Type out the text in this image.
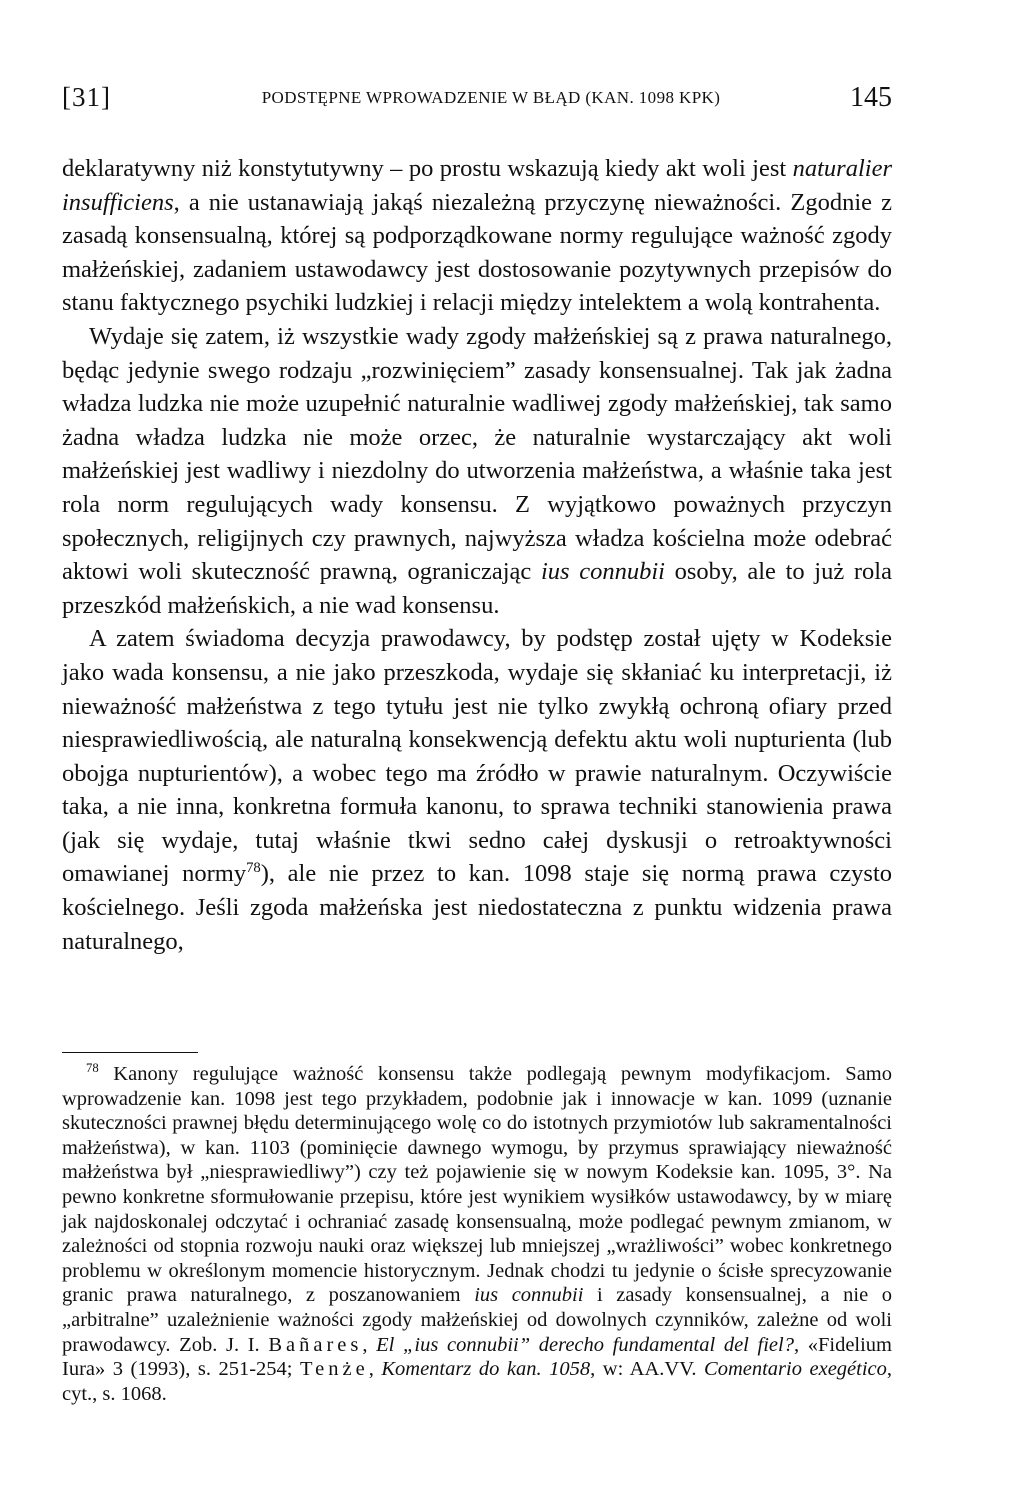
[31]	PODSTĘPNE WPROWADZENIE W BŁĄD (KAN. 1098 KPK)	145

deklaratywny niż konstytutywny – po prostu wskazują kiedy akt woli jest naturalier insufficiens, a nie ustanawiają jakąś niezależną przyczynę nieważności. Zgodnie z zasadą konsensualną, której są podporządkowane normy regulujące ważność zgody małżeńskiej, zadaniem ustawodawcy jest dostosowanie pozytywnych przepisów do stanu faktycznego psychiki ludzkiej i relacji między intelektem a wolą kontrahenta.

Wydaje się zatem, iż wszystkie wady zgody małżeńskiej są z prawa naturalnego, będąc jedynie swego rodzaju „rozwinięciem” zasady konsensualnej. Tak jak żadna władza ludzka nie może uzupełnić naturalnie wadliwej zgody małżeńskiej, tak samo żadna władza ludzka nie może orzec, że naturalnie wystarczający akt woli małżeńskiej jest wadliwy i niezdolny do utworzenia małżeństwa, a właśnie taka jest rola norm regulujących wady konsensu. Z wyjątkowo poważnych przyczyn społecznych, religijnych czy prawnych, najwyższa władza kościelna może odebrać aktowi woli skuteczność prawną, ograniczając ius connubii osoby, ale to już rola przeszkód małżeńskich, a nie wad konsensu.

A zatem świadoma decyzja prawodawcy, by podstęp został ujęty w Kodeksie jako wada konsensu, a nie jako przeszkoda, wydaje się skłaniać ku interpretacji, iż nieważność małżeństwa z tego tytułu jest nie tylko zwykłą ochroną ofiary przed niesprawiedliwością, ale naturalną konsekwencją defektu aktu woli nupturienta (lub obojga nupturientów), a wobec tego ma źródło w prawie naturalnym. Oczywiście taka, a nie inna, konkretna formuła kanonu, to sprawa techniki stanowienia prawa (jak się wydaje, tutaj właśnie tkwi sedno całej dyskusji o retroaktywności omawianej normy$^{78}$), ale nie przez to kan. 1098 staje się normą prawa czysto kościelnego. Jeśli zgoda małżeńska jest niedostateczna z punktu widzenia prawa naturalnego,

$^{78}$ Kanony regulujące ważność konsensu także podlegają pewnym modyfikacjom. Samo wprowadzenie kan. 1098 jest tego przykładem, podobnie jak i innowacje w kan. 1099 (uznanie skuteczności prawnej błędu determinującego wolę co do istotnych przymiotów lub sakramentalności małżeństwa), w kan. 1103 (pominięcie dawnego wymogu, by przymus sprawiający nieważność małżeństwa był „niesprawiedliwy”) czy też pojawienie się w nowym Kodeksie kan. 1095, 3°. Na pewno konkretne sformułowanie przepisu, które jest wynikiem wysiłków ustawodawcy, by w miarę jak najdoskonalej odczytać i ochraniać zasadę konsensualną, może podlegać pewnym zmianom, w zależności od stopnia rozwoju nauki oraz większej lub mniejszej „wrażliwości” wobec konkretnego problemu w określonym momencie historycznym. Jednak chodzi tu jedynie o ścisłe sprecyzowanie granic prawa naturalnego, z poszanowaniem ius connubii i zasady konsensualnej, a nie o „arbitralne” uzależnienie ważności zgody małżeńskiej od dowolnych czynników, zależne od woli prawodawcy. Zob. J. I. Bañares, El „ius connubii” derecho fundamental del fiel?, «Fidelium Iura» 3 (1993), s. 251-254; Tenże, Komentarz do kan. 1058, w: AA.VV. Comentario exegético, cyt., s. 1068.
